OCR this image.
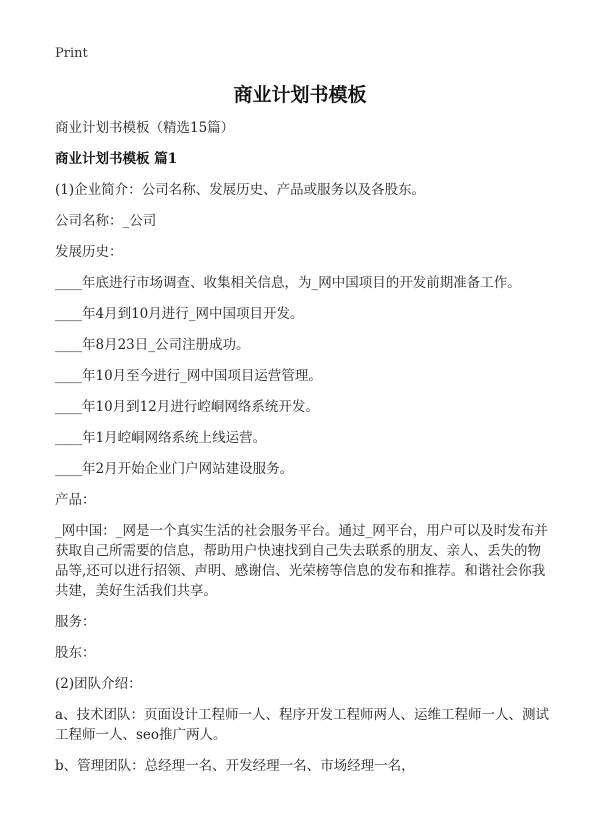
Print
商业计划书模板

商业计划书模板（精选15篇）

商业计划书模板 篇1

(1)企业简介：公司名称、发展历史、产品或服务以及各股东。

公司名称：_公司

发展历史：

____年底进行市场调查、收集相关信息，为_网中国项目的开发前期准备工作。

____年4月到10月进行_网中国项目开发。

____年8月23日_公司注册成功。

____年10月至今进行_网中国项目运营管理。

____年10月到12月进行崆峒网络系统开发。

____年1月崆峒网络系统上线运营。

____年2月开始企业门户网站建设服务。

产品：

_网中国：_网是一个真实生活的社会服务平台。通过_网平台，用户可以及时发布并获取自己所需要的信息，帮助用户快速找到自己失去联系的朋友、亲人、丢失的物品等,还可以进行招领、声明、感谢信、光荣榜等信息的发布和推荐。和谐社会你我共建，美好生活我们共享。

服务：

股东：

(2)团队介绍：

a、技术团队：页面设计工程师一人、程序开发工程师两人、运维工程师一人、测试工程师一人、seo推广两人。

b、管理团队：总经理一名、开发经理一名、市场经理一名，
